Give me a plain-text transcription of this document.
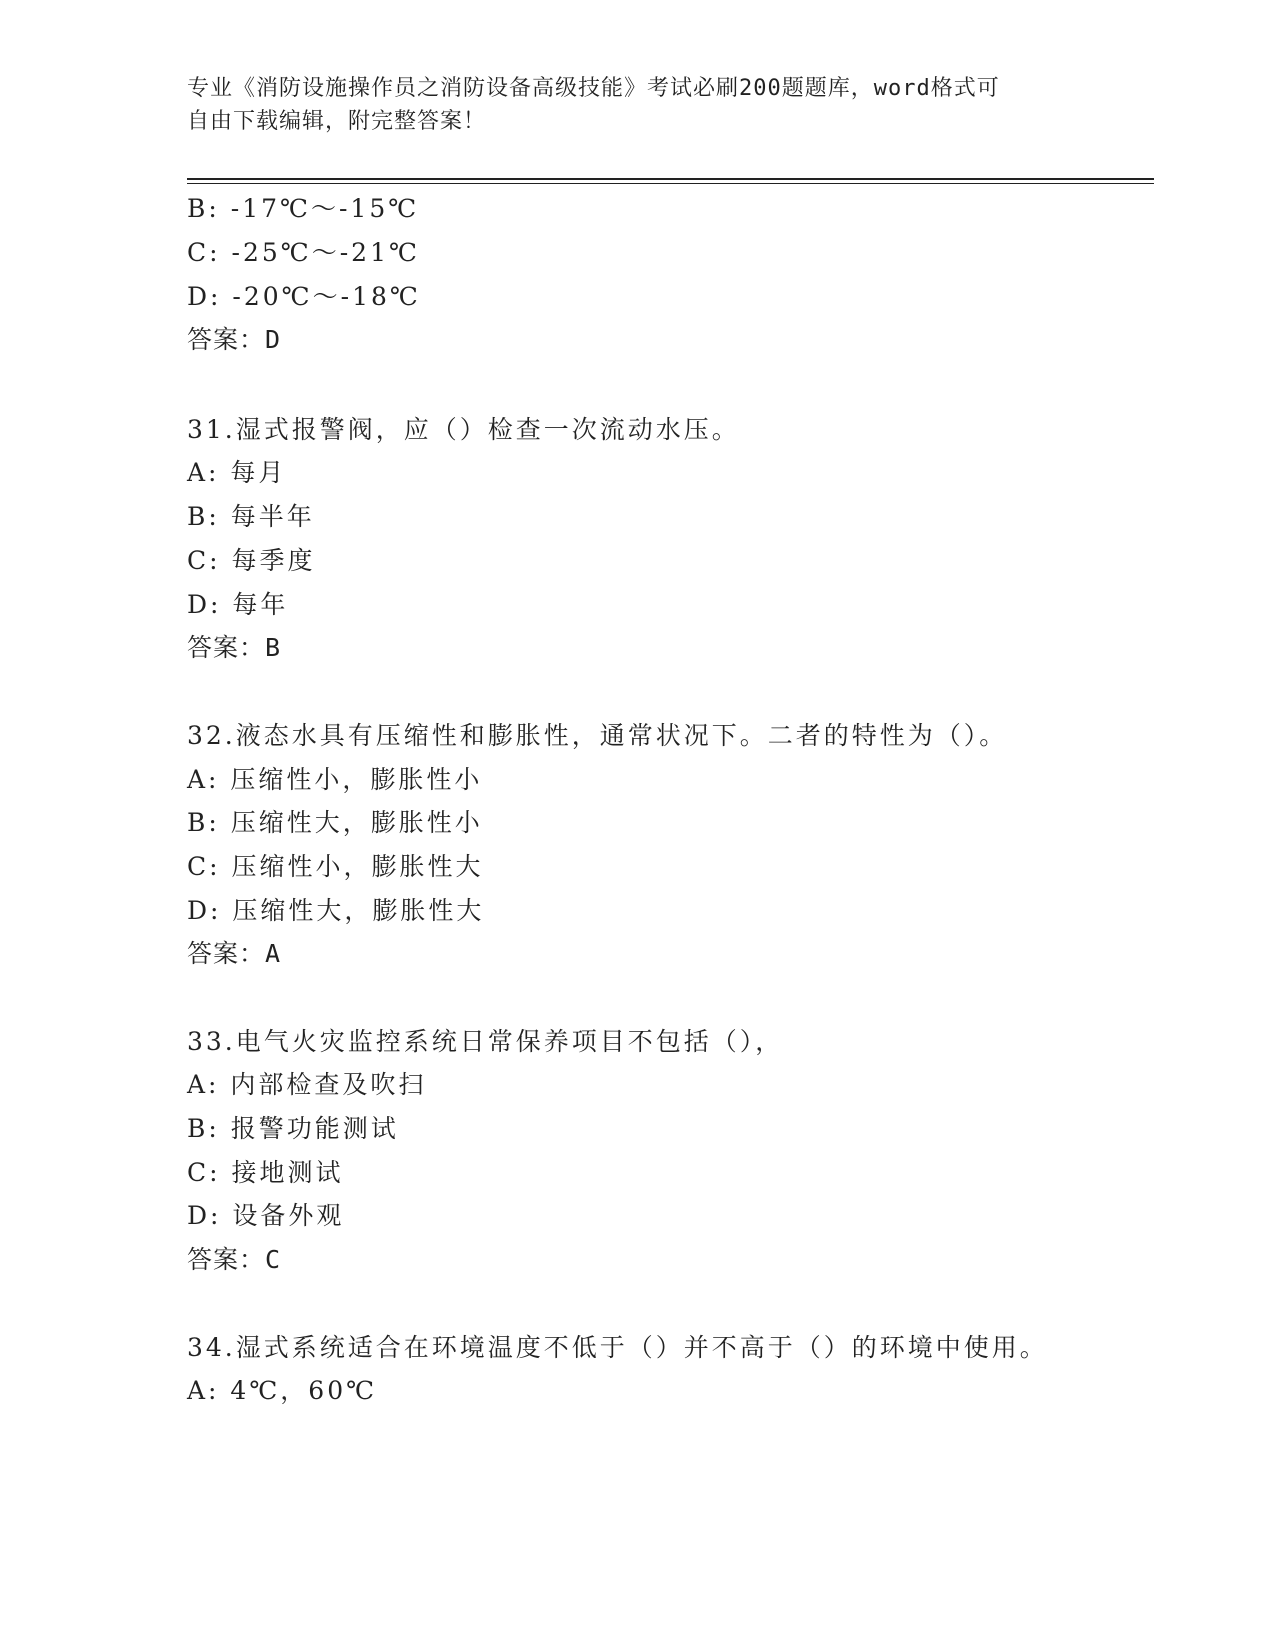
专业《消防设施操作员之消防设备高级技能》考试必刷200题题库，word格式可
自由下载编辑，附完整答案！
B: -17℃～-15℃
C: -25℃～-21℃
D: -20℃～-18℃
答案：D
31.湿式报警阀，应（）检查一次流动水压。
A: 每月
B: 每半年
C: 每季度
D: 每年
答案：B
32.液态水具有压缩性和膨胀性，通常状况下。二者的特性为（）。
A: 压缩性小，膨胀性小
B: 压缩性大，膨胀性小
C: 压缩性小，膨胀性大
D: 压缩性大，膨胀性大
答案：A
33.电气火灾监控系统日常保养项目不包括（），
A: 内部检查及吹扫
B: 报警功能测试
C: 接地测试
D: 设备外观
答案：C
34.湿式系统适合在环境温度不低于（）并不高于（）的环境中使用。
A: 4℃，60℃
